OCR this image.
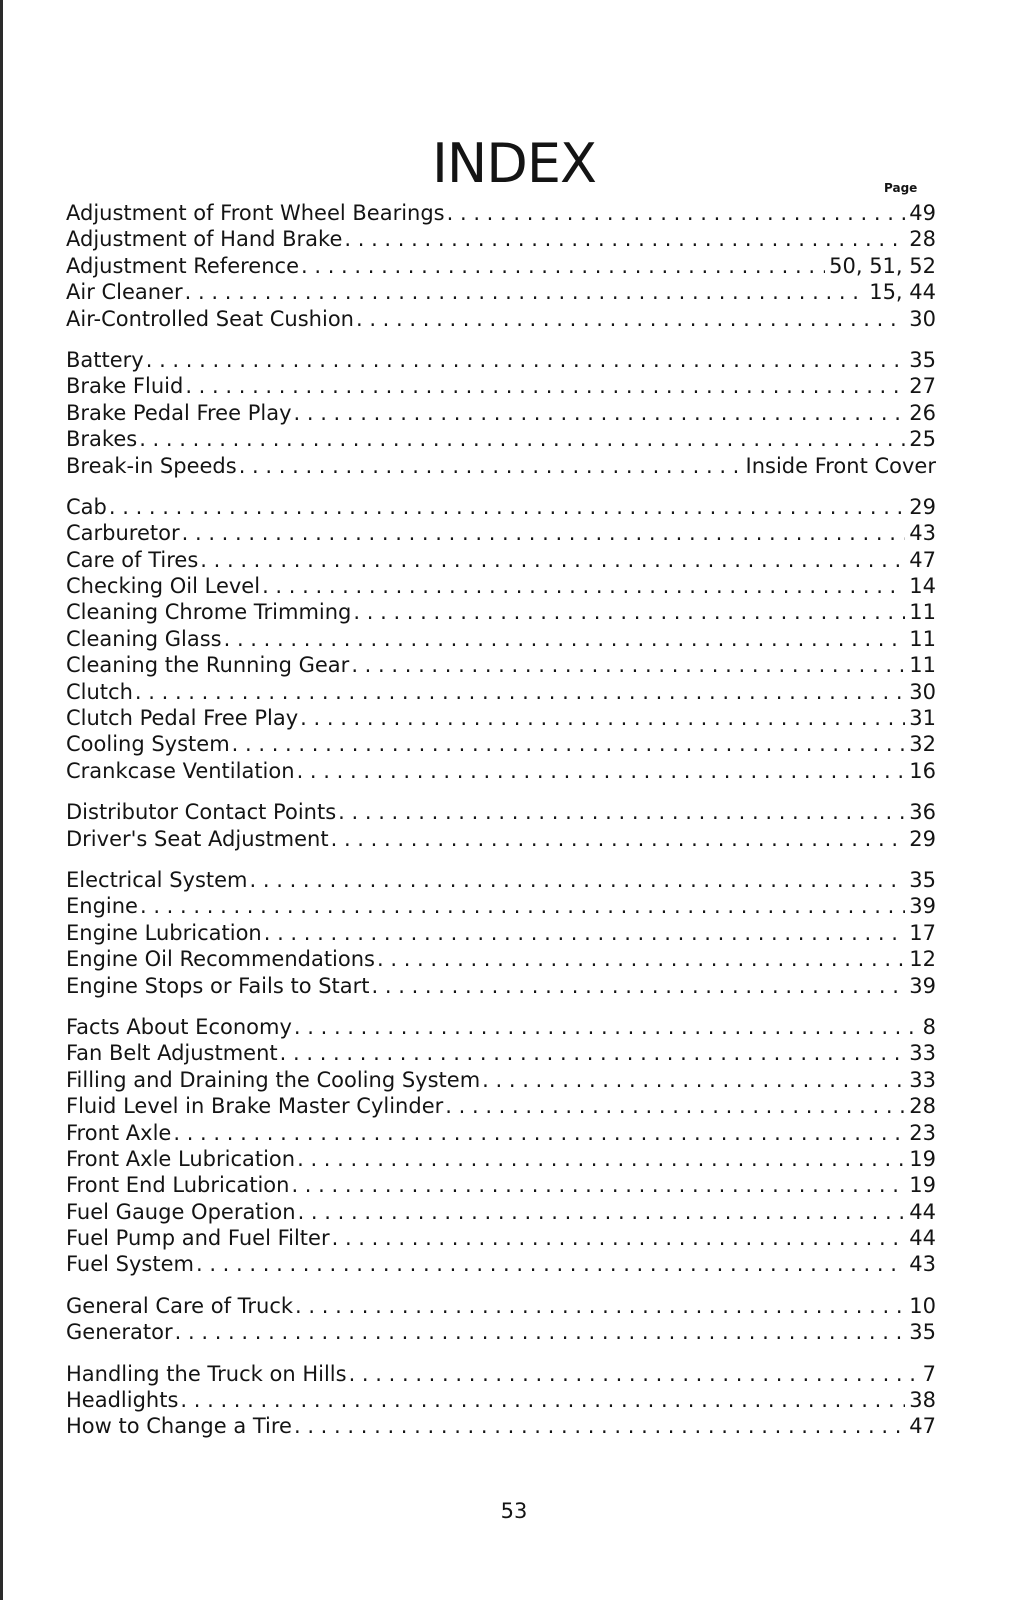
INDEX	Page
Adjustment of Front Wheel Bearings . . .	49
Adjustment of Hand Brake . . .	28
Adjustment Reference . . .	50, 51, 52
Air Cleaner . . .	15, 44
Air-Controlled Seat Cushion . . .	30
Battery . . .	35
Brake Fluid . . .	27
Brake Pedal Free Play . . .	26
Brakes . . .	25
Break-in Speeds . . .	Inside Front Cover
Cab . . .	29
Carburetor . . .	43
Care of Tires . . .	47
Checking Oil Level . . .	14
Cleaning Chrome Trimming . . .	11
Cleaning Glass . . .	11
Cleaning the Running Gear . . .	11
Clutch . . .	30
Clutch Pedal Free Play . . .	31
Cooling System . . .	32
Crankcase Ventilation . . .	16
Distributor Contact Points . . .	36
Driver's Seat Adjustment . . .	29
Electrical System . . .	35
Engine . . .	39
Engine Lubrication . . .	17
Engine Oil Recommendations . . .	12
Engine Stops or Fails to Start . . .	39
Facts About Economy . . .	8
Fan Belt Adjustment . . .	33
Filling and Draining the Cooling System . . .	33
Fluid Level in Brake Master Cylinder . . .	28
Front Axle . . .	23
Front Axle Lubrication . . .	19
Front End Lubrication . . .	19
Fuel Gauge Operation . . .	44
Fuel Pump and Fuel Filter . . .	44
Fuel System . . .	43
General Care of Truck . . .	10
Generator . . .	35
Handling the Truck on Hills . . .	7
Headlights . . .	38
How to Change a Tire . . .	47
53
